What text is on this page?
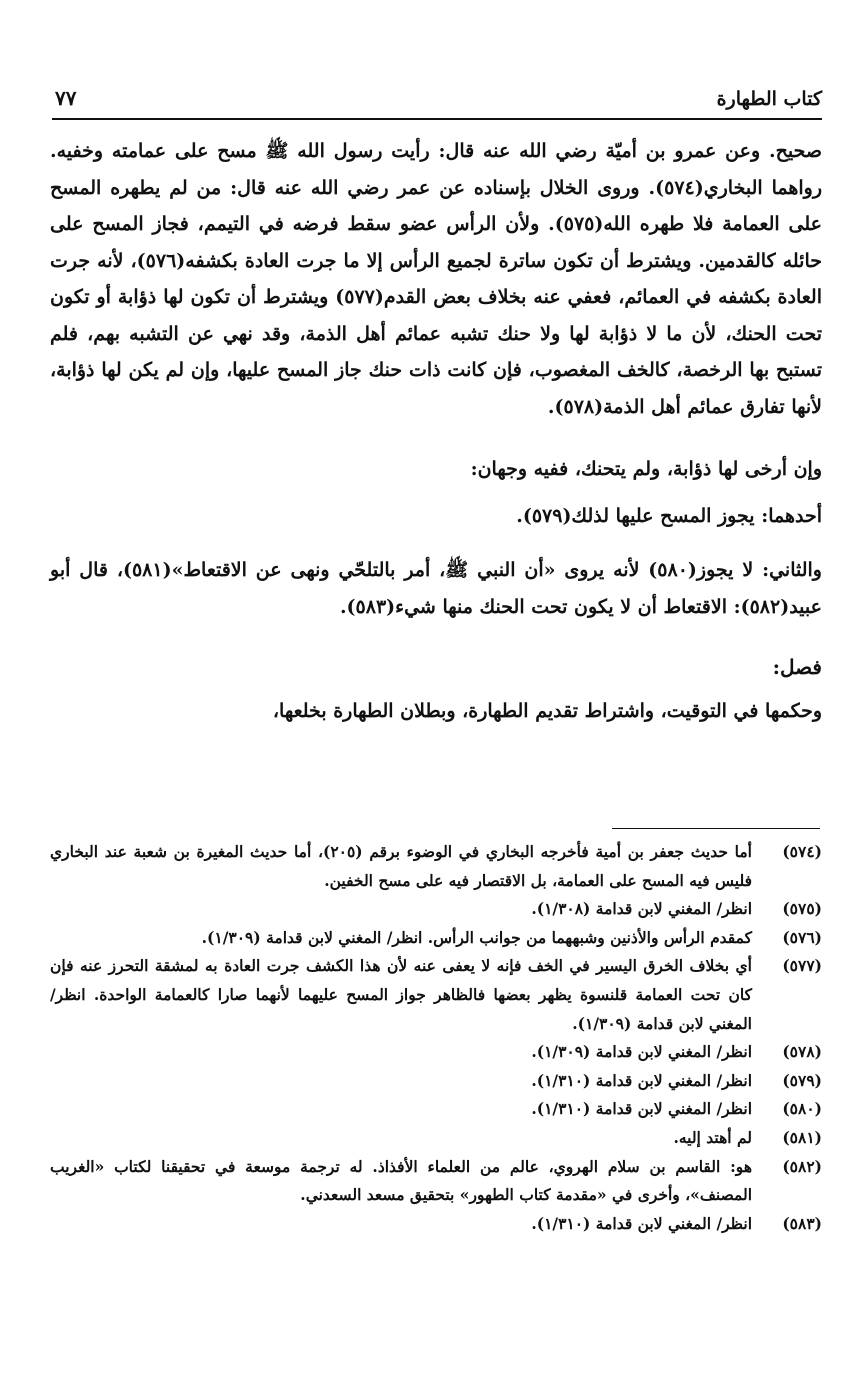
كتاب الطهارة
٧٧

صحيح. وعن عمرو بن أميّة رضي الله عنه قال: رأيت رسول الله ﷺ مسح على عمامته وخفيه. رواهما البخاري(٥٧٤). وروى الخلال بإسناده عن عمر رضي الله عنه قال: من لم يطهره المسح على العمامة فلا طهره الله(٥٧٥). ولأن الرأس عضو سقط فرضه في التيمم، فجاز المسح على حائله كالقدمين. ويشترط أن تكون ساترة لجميع الرأس إلا ما جرت العادة بكشفه(٥٧٦)، لأنه جرت العادة بكشفه في العمائم، فعفي عنه بخلاف بعض القدم(٥٧٧) ويشترط أن تكون لها ذؤابة أو تكون تحت الحنك، لأن ما لا ذؤابة لها ولا حنك تشبه عمائم أهل الذمة، وقد نهي عن التشبه بهم، فلم تستبح بها الرخصة، كالخف المغصوب، فإن كانت ذات حنك جاز المسح عليها، وإن لم يكن لها ذؤابة، لأنها تفارق عمائم أهل الذمة(٥٧٨).

وإن أرخى لها ذؤابة، ولم يتحنك، ففيه وجهان:

أحدهما: يجوز المسح عليها لذلك(٥٧٩).

والثاني: لا يجوز(٥٨٠) لأنه يروى «أن النبي ﷺ، أمر بالتلحّي ونهى عن الاقتعاط»(٥٨١)، قال أبو عبيد(٥٨٢): الاقتعاط أن لا يكون تحت الحنك منها شيء(٥٨٣).

فصل:

وحكمها في التوقيت، واشتراط تقديم الطهارة، وبطلان الطهارة بخلعها،

(٥٧٤)
أما حديث جعفر بن أمية فأخرجه البخاري في الوضوء برقم (٢٠٥)، أما حديث المغيرة بن شعبة عند البخاري فليس فيه المسح على العمامة، بل الاقتصار فيه على مسح الخفين.
(٥٧٥)
انظر/ المغني لابن قدامة (١/٣٠٨).
(٥٧٦)
كمقدم الرأس والأذنين وشبههما من جوانب الرأس. انظر/ المغني لابن قدامة (١/٣٠٩).
(٥٧٧)
أي بخلاف الخرق اليسير في الخف فإنه لا يعفى عنه لأن هذا الكشف جرت العادة به لمشقة التحرز عنه فإن كان تحت العمامة قلنسوة يظهر بعضها فالظاهر جواز المسح عليهما لأنهما صارا كالعمامة الواحدة. انظر/ المغني لابن قدامة (١/٣٠٩).
(٥٧٨)
انظر/ المغني لابن قدامة (١/٣٠٩).
(٥٧٩)
انظر/ المغني لابن قدامة (١/٣١٠).
(٥٨٠)
انظر/ المغني لابن قدامة (١/٣١٠).
(٥٨١)
لم أهتد إليه.
(٥٨٢)
هو: القاسم بن سلام الهروي، عالم من العلماء الأفذاذ. له ترجمة موسعة في تحقيقنا لكتاب «الغريب المصنف»، وأخرى في «مقدمة كتاب الطهور» بتحقيق مسعد السعدني.
(٥٨٣)
انظر/ المغني لابن قدامة (١/٣١٠).
